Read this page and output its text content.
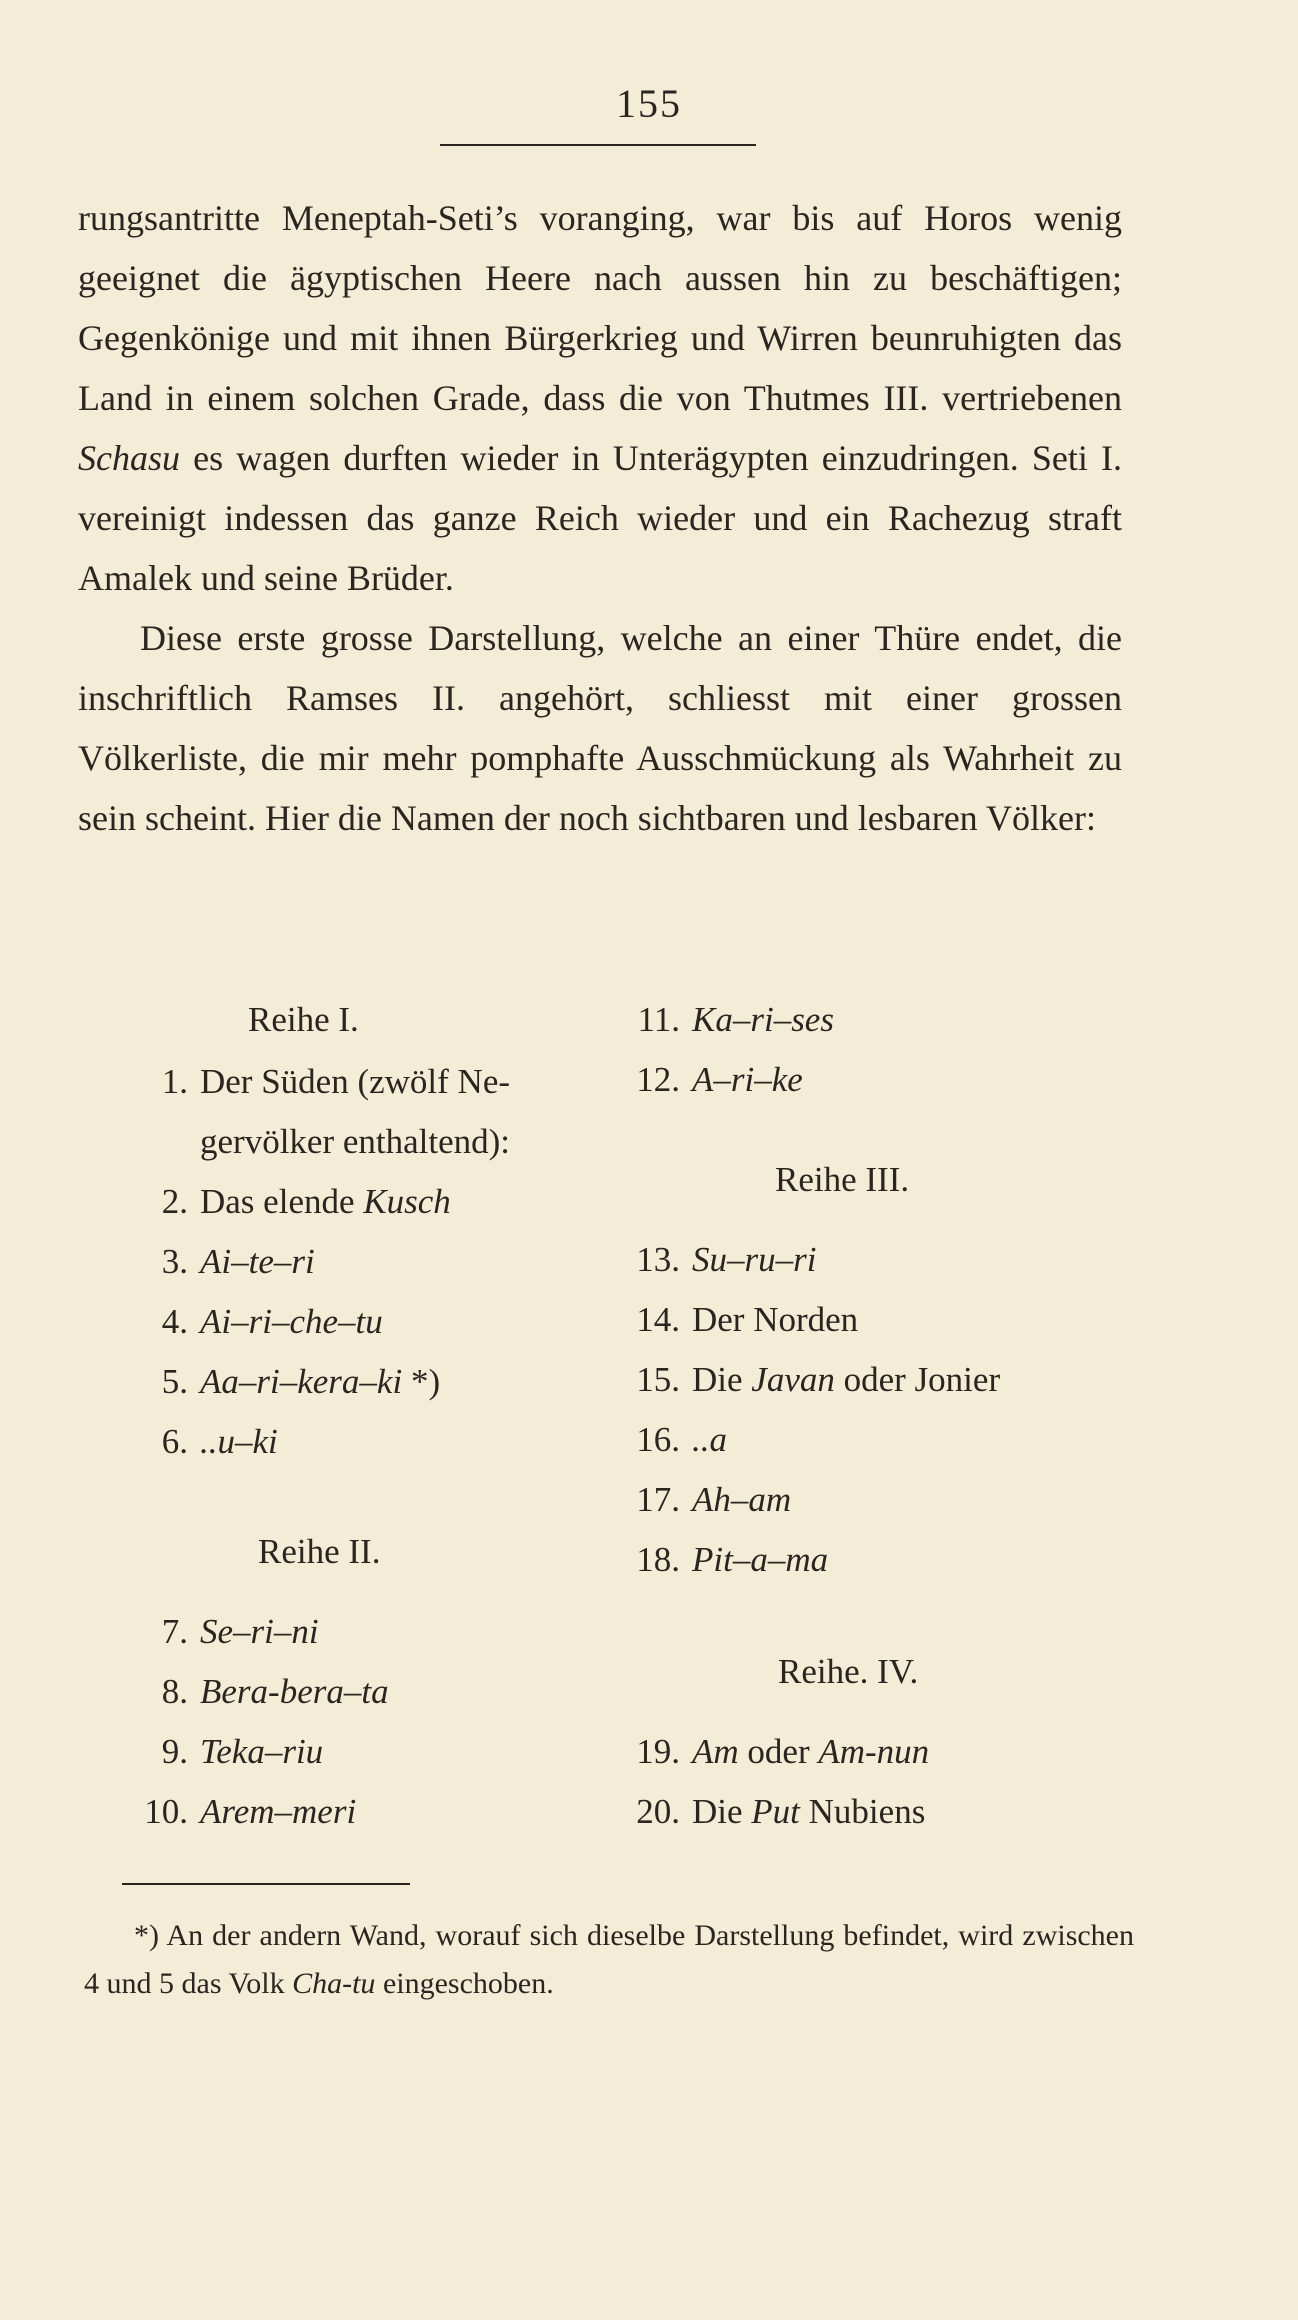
155

rungsantritte Meneptah-Seti’s voranging, war bis auf Horos wenig geeignet die ägyptischen Heere nach aussen hin zu beschäftigen; Gegenkönige und mit ihnen Bürgerkrieg und Wirren beunruhigten das Land in einem solchen Grade, dass die von Thutmes III. vertriebenen Schasu es wagen durften wieder in Unterägypten einzudringen. Seti I. vereinigt indessen das ganze Reich wieder und ein Rachezug straft Amalek und seine Brüder.

Diese erste grosse Darstellung, welche an einer Thüre endet, die inschriftlich Ramses II. angehört, schliesst mit einer grossen Völkerliste, die mir mehr pomphafte Ausschmückung als Wahrheit zu sein scheint. Hier die Namen der noch sichtbaren und lesbaren Völker:

Reihe I.
1. Der Süden (zwölf Ne-
gervölker enthaltend):
2. Das elende Kusch
3. Ai–te–ri
4. Ai–ri–che–tu
5. Aa–ri–kera–ki *)
6. ..u–ki
Reihe II.
7. Se–ri–ni
8. Bera-bera–ta
9. Teka–riu
10. Arem–meri
11. Ka–ri–ses
12. A–ri–ke
Reihe III.
13. Su–ru–ri
14. Der Norden
15. Die Javan oder Jonier
16. ..a
17. Ah–am
18. Pit–a–ma
Reihe. IV.
19. Am oder Am-nun
20. Die Put Nubiens

*) An der andern Wand, worauf sich dieselbe Darstellung befindet, wird zwischen 4 und 5 das Volk Cha-tu eingeschoben.
